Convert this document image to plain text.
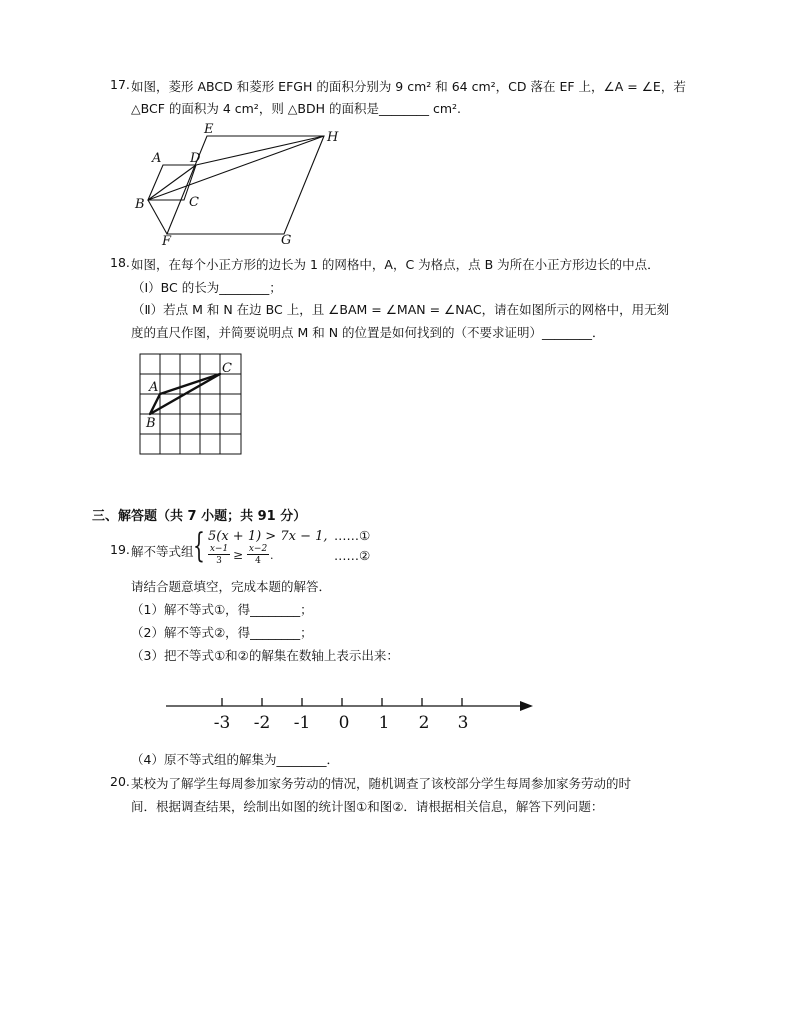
17. 如图，菱形 ABCD 和菱形 EFGH 的面积分别为 9 cm² 和 64 cm²，CD 落在 EF 上，∠A = ∠E，若
△BCF 的面积为 4 cm²，则 △BDH 的面积是________ cm².
E
H
A D
B	C
F	G
18. 如图，在每个小正方形的边长为 1 的网格中，A，C 为格点，点 B 为所在小正方形边长的中点．
（Ⅰ）BC 的长为________；
（Ⅱ）若点 M 和 N 在边 BC 上，且 ∠BAM = ∠MAN = ∠NAC，请在如图所示的网格中，用无刻
度的直尺作图，并简要说明点 M 和 N 的位置是如何找到的（不要求证明）________．
A
C
B
三、解答题（共 7 小题；共 91 分）
19. 解不等式组 { 5(x + 1) > 7x − 1,
x−1
3 ≥ x−2
4 .
……①
……②
请结合题意填空，完成本题的解答．
（1）解不等式①，得________；
（2）解不等式②，得________；
（3）把不等式①和②的解集在数轴上表示出来：
-3 -2 -1 0 1 2 3
（4）原不等式组的解集为________．
20. 某校为了解学生每周参加家务劳动的情况，随机调查了该校部分学生每周参加家务劳动的时
间．根据调查结果，绘制出如图的统计图①和图②．请根据相关信息，解答下列问题：
